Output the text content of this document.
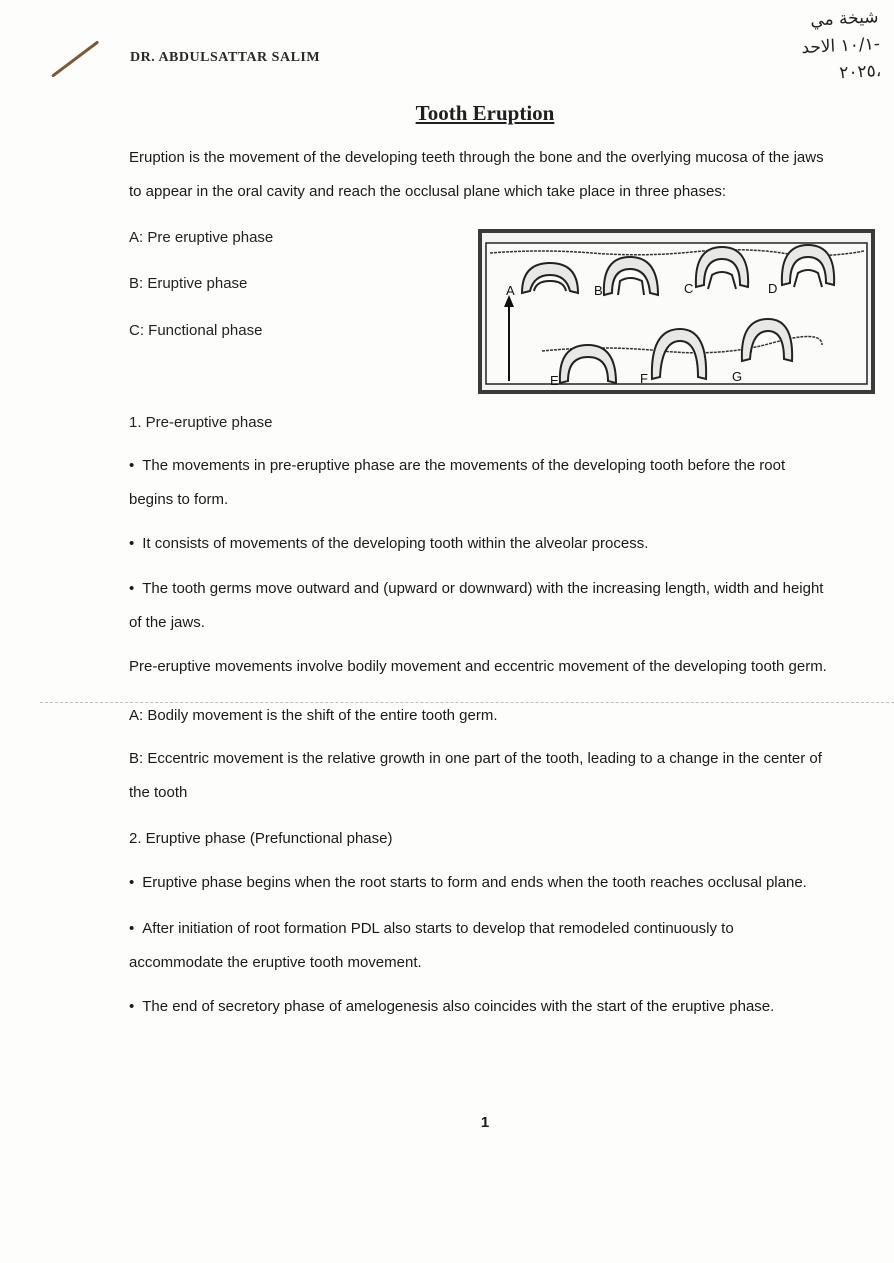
DR. ABDULSATTAR SALIM
شيخة مي
-١٠/١ الاحد
،٢٠٢٥
Tooth Eruption
Eruption is the movement of the developing teeth through the bone and the overlying mucosa of the jaws
to appear in the oral cavity and reach the occlusal plane which take place in three phases:
A: Pre eruptive phase
B: Eruptive phase
C: Functional phase
A	B	C	D
E	F	G
1. Pre-eruptive phase
• The movements in pre-eruptive phase are the movements of the developing tooth before the root
begins to form.
• It consists of movements of the developing tooth within the alveolar process.
• The tooth germs move outward and (upward or downward) with the increasing length, width and height
of the jaws.
Pre-eruptive movements involve bodily movement and eccentric movement of the developing tooth germ.
A: Bodily movement is the shift of the entire tooth germ.
B: Eccentric movement is the relative growth in one part of the tooth, leading to a change in the center of
the tooth
2. Eruptive phase (Prefunctional phase)
• Eruptive phase begins when the root starts to form and ends when the tooth reaches occlusal plane.
• After initiation of root formation PDL also starts to develop that remodeled continuously to
accommodate the eruptive tooth movement.
• The end of secretory phase of amelogenesis also coincides with the start of the eruptive phase.
1
